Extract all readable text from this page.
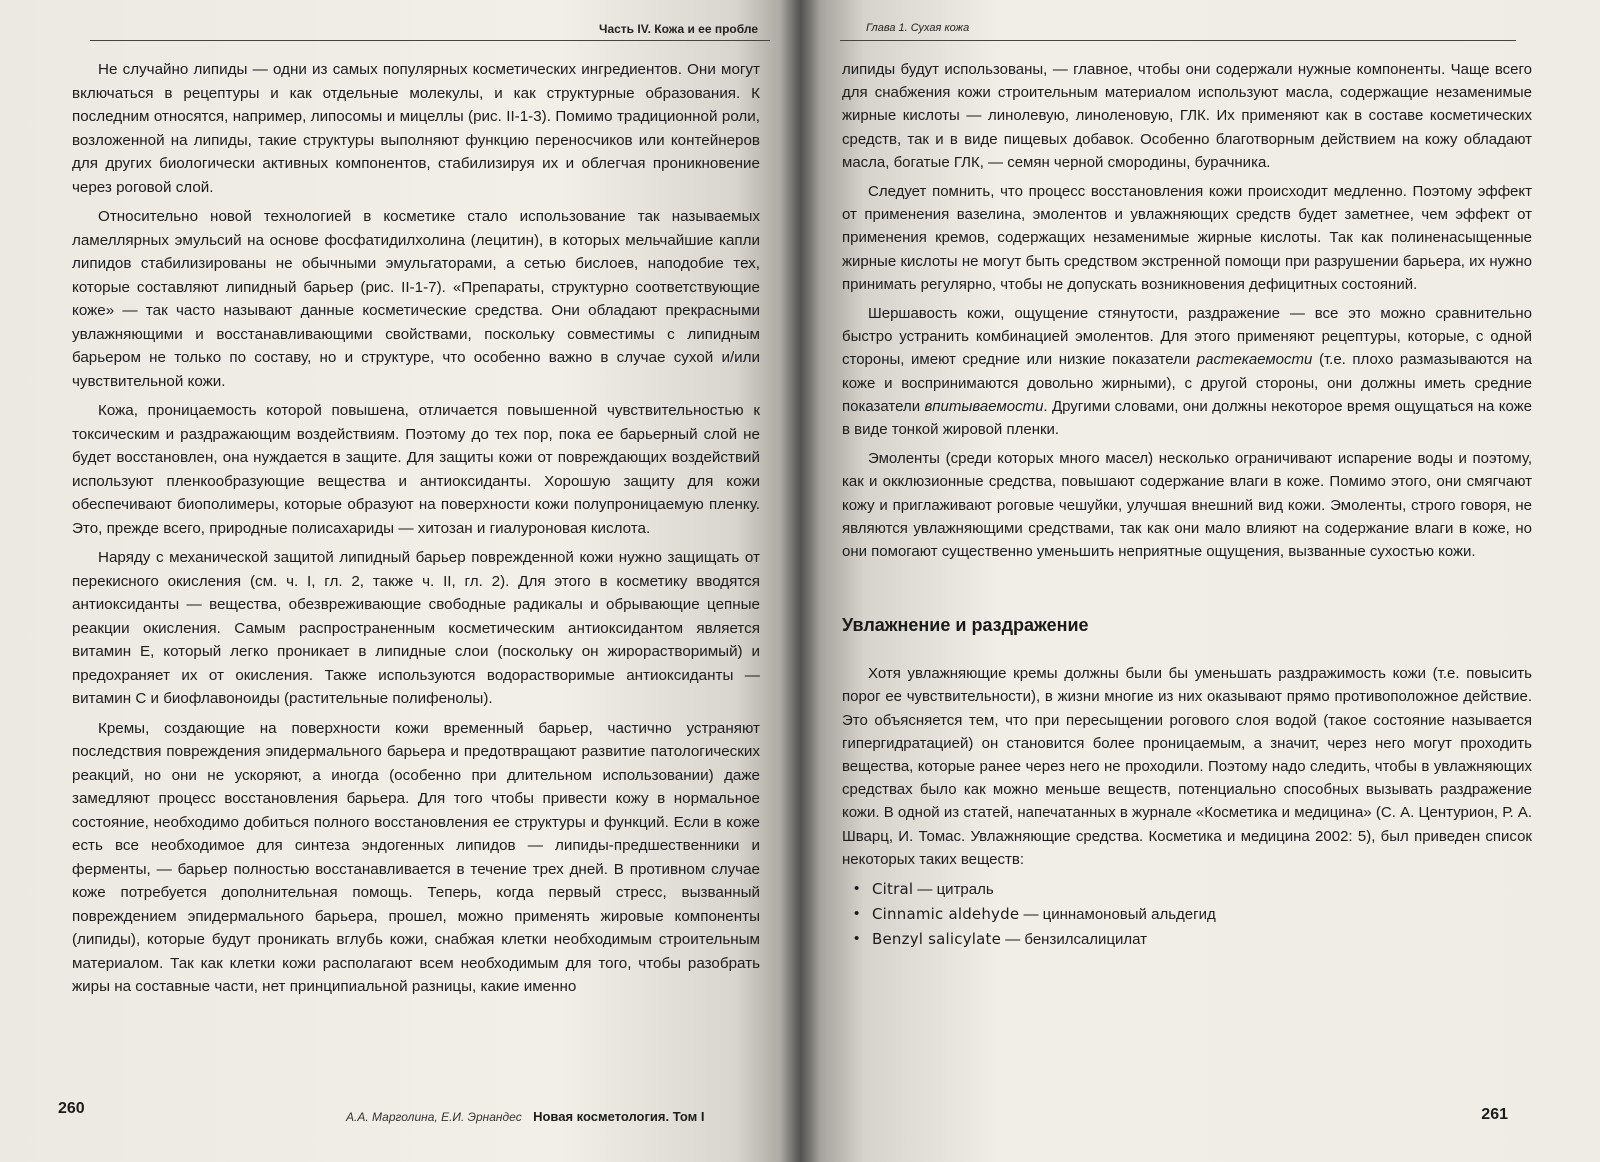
Часть IV. Кожа и ее пробле

Не случайно липиды — одни из самых популярных косметических ингредиентов. Они могут включаться в рецептуры и как отдельные молекулы, и как структурные образования. К последним относятся, например, липосомы и мицеллы (рис. II-1-3). Помимо традиционной роли, возложенной на липиды, такие структуры выполняют функцию переносчиков или контейнеров для других биологически активных компонентов, стабилизируя их и облегчая проникновение через роговой слой.

Относительно новой технологией в косметике стало использование так называемых ламеллярных эмульсий на основе фосфатидилхолина (лецитин), в которых мельчайшие капли липидов стабилизированы не обычными эмульгаторами, а сетью бислоев, наподобие тех, которые составляют липидный барьер (рис. II-1-7). «Препараты, структурно соответствующие коже» — так часто называют данные косметические средства. Они обладают прекрасными увлажняющими и восстанавливающими свойствами, поскольку совместимы с липидным барьером не только по составу, но и структуре, что особенно важно в случае сухой и/или чувствительной кожи.

Кожа, проницаемость которой повышена, отличается повышенной чувствительностью к токсическим и раздражающим воздействиям. Поэтому до тех пор, пока ее барьерный слой не будет восстановлен, она нуждается в защите. Для защиты кожи от повреждающих воздействий используют пленкообразующие вещества и антиоксиданты. Хорошую защиту для кожи обеспечивают биополимеры, которые образуют на поверхности кожи полупроницаемую пленку. Это, прежде всего, природные полисахариды — хитозан и гиалуроновая кислота.

Наряду с механической защитой липидный барьер поврежденной кожи нужно защищать от перекисного окисления (см. ч. I, гл. 2, также ч. II, гл. 2). Для этого в косметику вводятся антиоксиданты — вещества, обезвреживающие свободные радикалы и обрывающие цепные реакции окисления. Самым распространенным косметическим антиоксидантом является витамин Е, который легко проникает в липидные слои (поскольку он жирорастворимый) и предохраняет их от окисления. Также используются водорастворимые антиоксиданты — витамин С и биофлавоноиды (растительные полифенолы).

Кремы, создающие на поверхности кожи временный барьер, частично устраняют последствия повреждения эпидермального барьера и предотвращают развитие патологических реакций, но они не ускоряют, а иногда (особенно при длительном использовании) даже замедляют процесс восстановления барьера. Для того чтобы привести кожу в нормальное состояние, необходимо добиться полного восстановления ее структуры и функций. Если в коже есть все необходимое для синтеза эндогенных липидов — липиды-предшественники и ферменты, — барьер полностью восстанавливается в течение трех дней. В противном случае коже потребуется дополнительная помощь. Теперь, когда первый стресс, вызванный повреждением эпидермального барьера, прошел, можно применять жировые компоненты (липиды), которые будут проникать вглубь кожи, снабжая клетки необходимым строительным материалом. Так как клетки кожи располагают всем необходимым для того, чтобы разобрать жиры на составные части, нет принципиальной разницы, какие именно

260	А.А. Марголина, Е.И. Эрнандес Новая косметология. Том I
Глава 1. Сухая кожа

липиды будут использованы, — главное, чтобы они содержали нужные компоненты. Чаще всего для снабжения кожи строительным материалом используют масла, содержащие незаменимые жирные кислоты — линолевую, линоленовую, ГЛК. Их применяют как в составе косметических средств, так и в виде пищевых добавок. Особенно благотворным действием на кожу обладают масла, богатые ГЛК, — семян черной смородины, бурачника.

Следует помнить, что процесс восстановления кожи происходит медленно. Поэтому эффект от применения вазелина, эмолентов и увлажняющих средств будет заметнее, чем эффект от применения кремов, содержащих незаменимые жирные кислоты. Так как полиненасыщенные жирные кислоты не могут быть средством экстренной помощи при разрушении барьера, их нужно принимать регулярно, чтобы не допускать возникновения дефицитных состояний.

Шершавость кожи, ощущение стянутости, раздражение — все это можно сравнительно быстро устранить комбинацией эмолентов. Для этого применяют рецептуры, которые, с одной стороны, имеют средние или низкие показатели растекаемости (т.е. плохо размазываются на коже и воспринимаются довольно жирными), с другой стороны, они должны иметь средние показатели впитываемости. Другими словами, они должны некоторое время ощущаться на коже в виде тонкой жировой пленки.

Эмоленты (среди которых много масел) несколько ограничивают испарение воды и поэтому, как и окклюзионные средства, повышают содержание влаги в коже. Помимо этого, они смягчают кожу и приглаживают роговые чешуйки, улучшая внешний вид кожи. Эмоленты, строго говоря, не являются увлажняющими средствами, так как они мало влияют на содержание влаги в коже, но они помогают существенно уменьшить неприятные ощущения, вызванные сухостью кожи.

Увлажнение и раздражение

Хотя увлажняющие кремы должны были бы уменьшать раздражимость кожи (т.е. повысить порог ее чувствительности), в жизни многие из них оказывают прямо противоположное действие. Это объясняется тем, что при пересыщении рогового слоя водой (такое состояние называется гипергидратацией) он становится более проницаемым, а значит, через него могут проходить вещества, которые ранее через него не проходили. Поэтому надо следить, чтобы в увлажняющих средствах было как можно меньше веществ, потенциально способных вызывать раздражение кожи. В одной из статей, напечатанных в журнале «Косметика и медицина» (С. А. Центурион, Р. А. Шварц, И. Томас. Увлажняющие средства. Косметика и медицина 2002: 5), был приведен список некоторых таких веществ:

• Citral — цитраль
• Cinnamic aldehyde — циннамоновый альдегид
• Benzyl salicylate — бензилсалицилат
261
